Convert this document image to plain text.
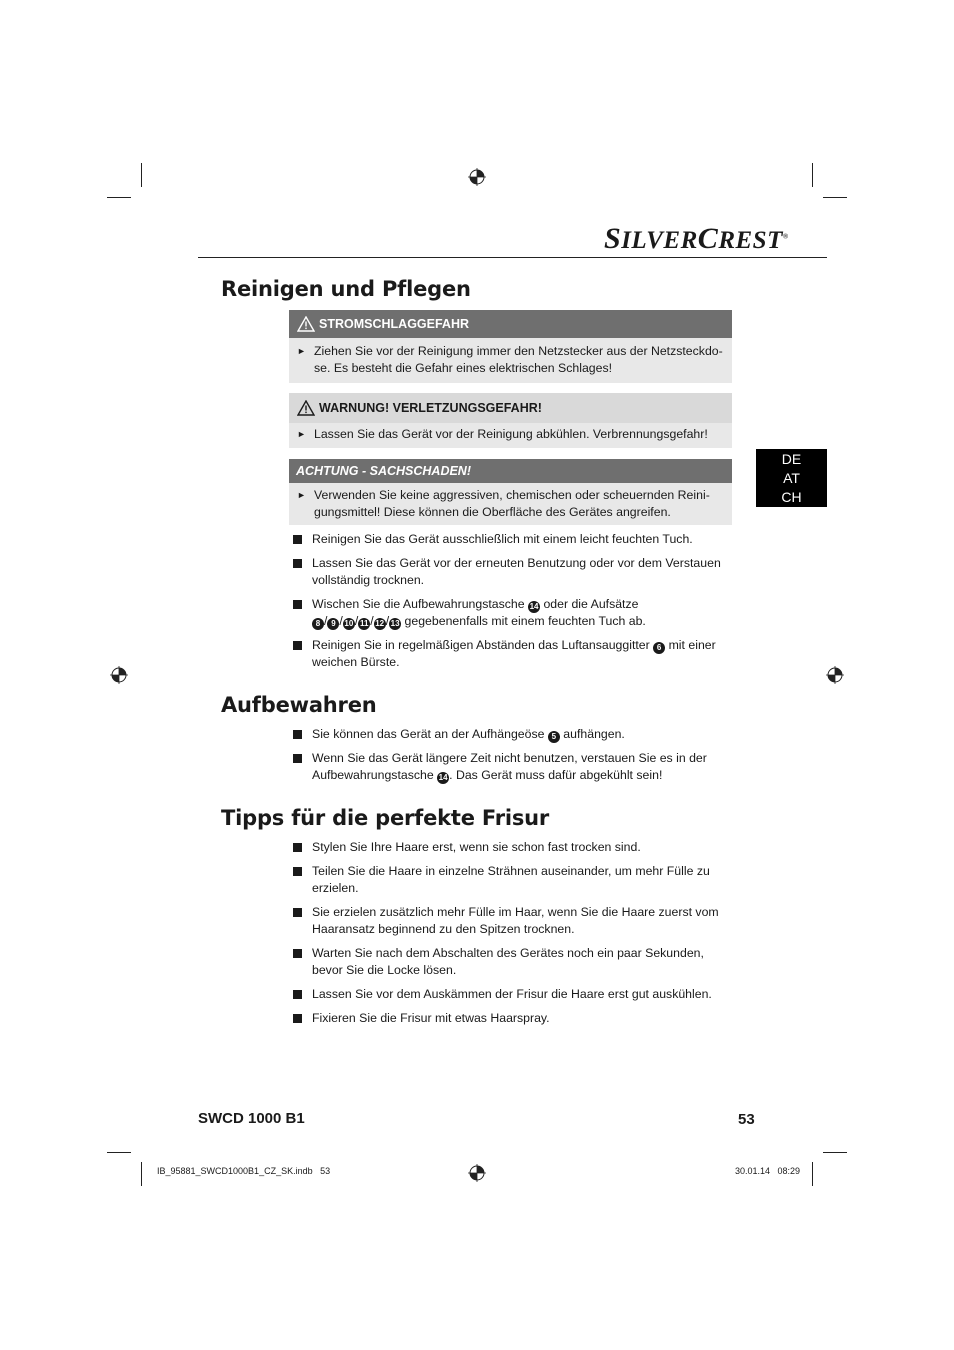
SILVERCREST®
DE
AT
CH
Reinigen und Pflegen
STROMSCHLAGGEFAHR
► Ziehen Sie vor der Reinigung immer den Netzstecker aus der Netzsteckdo-
se. Es besteht die Gefahr eines elektrischen Schlages!
WARNUNG! VERLETZUNGSGEFAHR!
► Lassen Sie das Gerät vor der Reinigung abkühlen. Verbrennungsgefahr!
ACHTUNG - SACHSCHADEN!
► Verwenden Sie keine aggressiven, chemischen oder scheuernden Reini-
gungsmittel! Diese können die Oberfläche des Gerätes angreifen.
Reinigen Sie das Gerät ausschließlich mit einem leicht feuchten Tuch.
Lassen Sie das Gerät vor der erneuten Benutzung oder vor dem Verstauen
vollständig trocknen.
Wischen Sie die Aufbewahrungstasche 14 oder die Aufsätze
8 / 9 / 10 / 11 / 12 / 13 gegebenenfalls mit einem feuchten Tuch ab.
Reinigen Sie in regelmäßigen Abständen das Luftansauggitter 6 mit einer
weichen Bürste.
Aufbewahren
Sie können das Gerät an der Aufhängeöse 5 aufhängen.
Wenn Sie das Gerät längere Zeit nicht benutzen, verstauen Sie es in der
Aufbewahrungstasche 14 . Das Gerät muss dafür abgekühlt sein!
Tipps für die perfekte Frisur
Stylen Sie Ihre Haare erst, wenn sie schon fast trocken sind.
Teilen Sie die Haare in einzelne Strähnen auseinander, um mehr Fülle zu
erzielen.
Sie erzielen zusätzlich mehr Fülle im Haar, wenn Sie die Haare zuerst vom
Haaransatz beginnend zu den Spitzen trocknen.
Warten Sie nach dem Abschalten des Gerätes noch ein paar Sekunden,
bevor Sie die Locke lösen.
Lassen Sie vor dem Auskämmen der Frisur die Haare erst gut auskühlen.
Fixieren Sie die Frisur mit etwas Haarspray.
SWCD 1000 B1	53
IB_95881_SWCD1000B1_CZ_SK.indb   53	30.01.14   08:29
